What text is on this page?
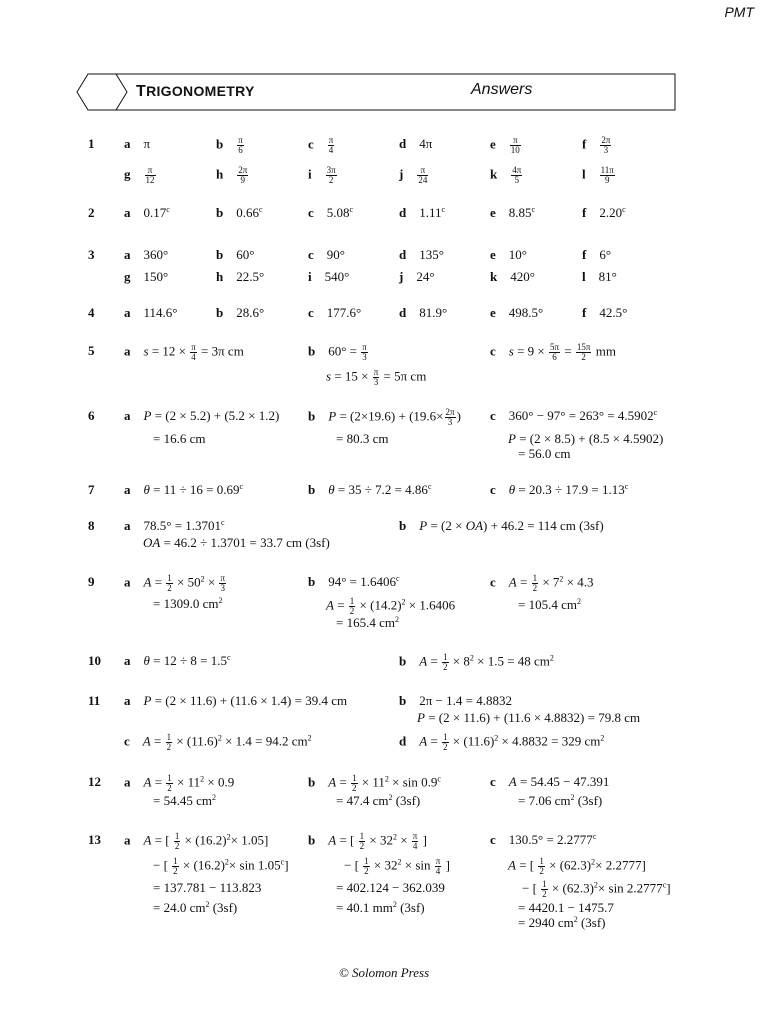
PMT
TRIGONOMETRY	Answers
1 a π	b $\frac{\pi}{6}$	c $\frac{\pi}{4}$	d 4π	e $\frac{\pi}{10}$	f $\frac{2\pi}{3}$
g $\frac{\pi}{12}$	h $\frac{2\pi}{9}$	i $\frac{3\pi}{2}$	j $\frac{\pi}{24}$	k $\frac{4\pi}{5}$	l $\frac{11\pi}{9}$
2 a 0.17$^c$	b 0.66$^c$	c 5.08$^c$	d 1.11$^c$	e 8.85$^c$	f 2.20$^c$
3 a 360°	b 60°	c 90°	d 135°	e 10°	f 6°
g 150°	h 22.5°	i 540°	j 24°	k 420°	l 81°
4 a 114.6°	b 28.6°	c 177.6°	d 81.9°	e 498.5°	f 42.5°
5 a $s = 12 \times \frac{\pi}{4} = 3\pi$ cm	b $60^\circ = \frac{\pi}{3}$
$s = 15 \times \frac{\pi}{3} = 5\pi$ cm
c $s = 9 \times \frac{5\pi}{6} = \frac{15\pi}{2}$ mm
6 a P = (2 × 5.2) + (5.2 × 1.2)
= 16.6 cm
b $P = (2\times 19.6) + (19.6\times \frac{2\pi}{3}$ )
= 80.3 cm
c 360° − 97° = 263° = 4.5902$^c$
P = (2 × 8.5) + (8.5 × 4.5902)
= 56.0 cm
7 a θ = 11 ÷ 16 = 0.69$^c$	b θ = 35 ÷ 7.2 = 4.86$^c$	c θ = 20.3 ÷ 17.9 = 1.13$^c$
8 a 78.5° = 1.3701$^c$
OA = 46.2 ÷ 1.3701 = 33.7 cm (3sf)
b P = (2 × OA) + 46.2 = 114 cm (3sf)
9 a $A = \frac{1}{2} \times 50^2 \times \frac{\pi}{3}$
= 1309.0 $cm^2$
b 94° = 1.6406$^c$
$A = \frac{1}{2} \times (14.2)^2 \times 1.6406$
= 165.4 $cm^2$
c $A = \frac{1}{2} \times 7^2 \times 4.3$
= 105.4 $cm^2$
10 a θ = 12 ÷ 8 = 1.5$^c$	b $A = \frac{1}{2} \times 8^2 \times 1.5 = 48$ $cm^2$
11 a P = (2 × 11.6) + (11.6 × 1.4) = 39.4 cm	b 2π − 1.4 = 4.8832
P = (2 × 11.6) + (11.6 × 4.8832) = 79.8 cm
c $A = \frac{1}{2} \times (11.6)^2 \times 1.4 = 94.2$ $cm^2$	d $A = \frac{1}{2} \times (11.6)^2 \times 4.8832 = 329$ $cm^2$
12 a $A = \frac{1}{2} \times 11^2 \times 0.9$
= 54.45 $cm^2$
b $A = \frac{1}{2} \times 11^2 \times \sin 0.9^c$
= 47.4 $cm^2$ (3sf)
c A = 54.45 − 47.391
= 7.06 $cm^2$ (3sf)
13 a A = [ $\frac{1}{2} \times (16.2)^2\times 1.05$]
− [ $\frac{1}{2} \times (16.2)^2\times \sin 1.05^c$]
= 137.781 − 113.823
= 24.0 $cm^2$ (3sf)
b A = [ $\frac{1}{2} \times 32^2 \times \frac{\pi}{4}$ ]
− [ $\frac{1}{2} \times 32^2 \times \sin \frac{\pi}{4}$ ]
= 402.124 − 362.039
= 40.1 $mm^2$ (3sf)
c 130.5° = 2.2777$^c$
A = [ $\frac{1}{2} \times (62.3)^2\times 2.2777$]
− [ $\frac{1}{2} \times (62.3)^2\times \sin 2.2777^c$]
= 4420.1 − 1475.7
= 2940 $cm^2$ (3sf)
© Solomon Press
